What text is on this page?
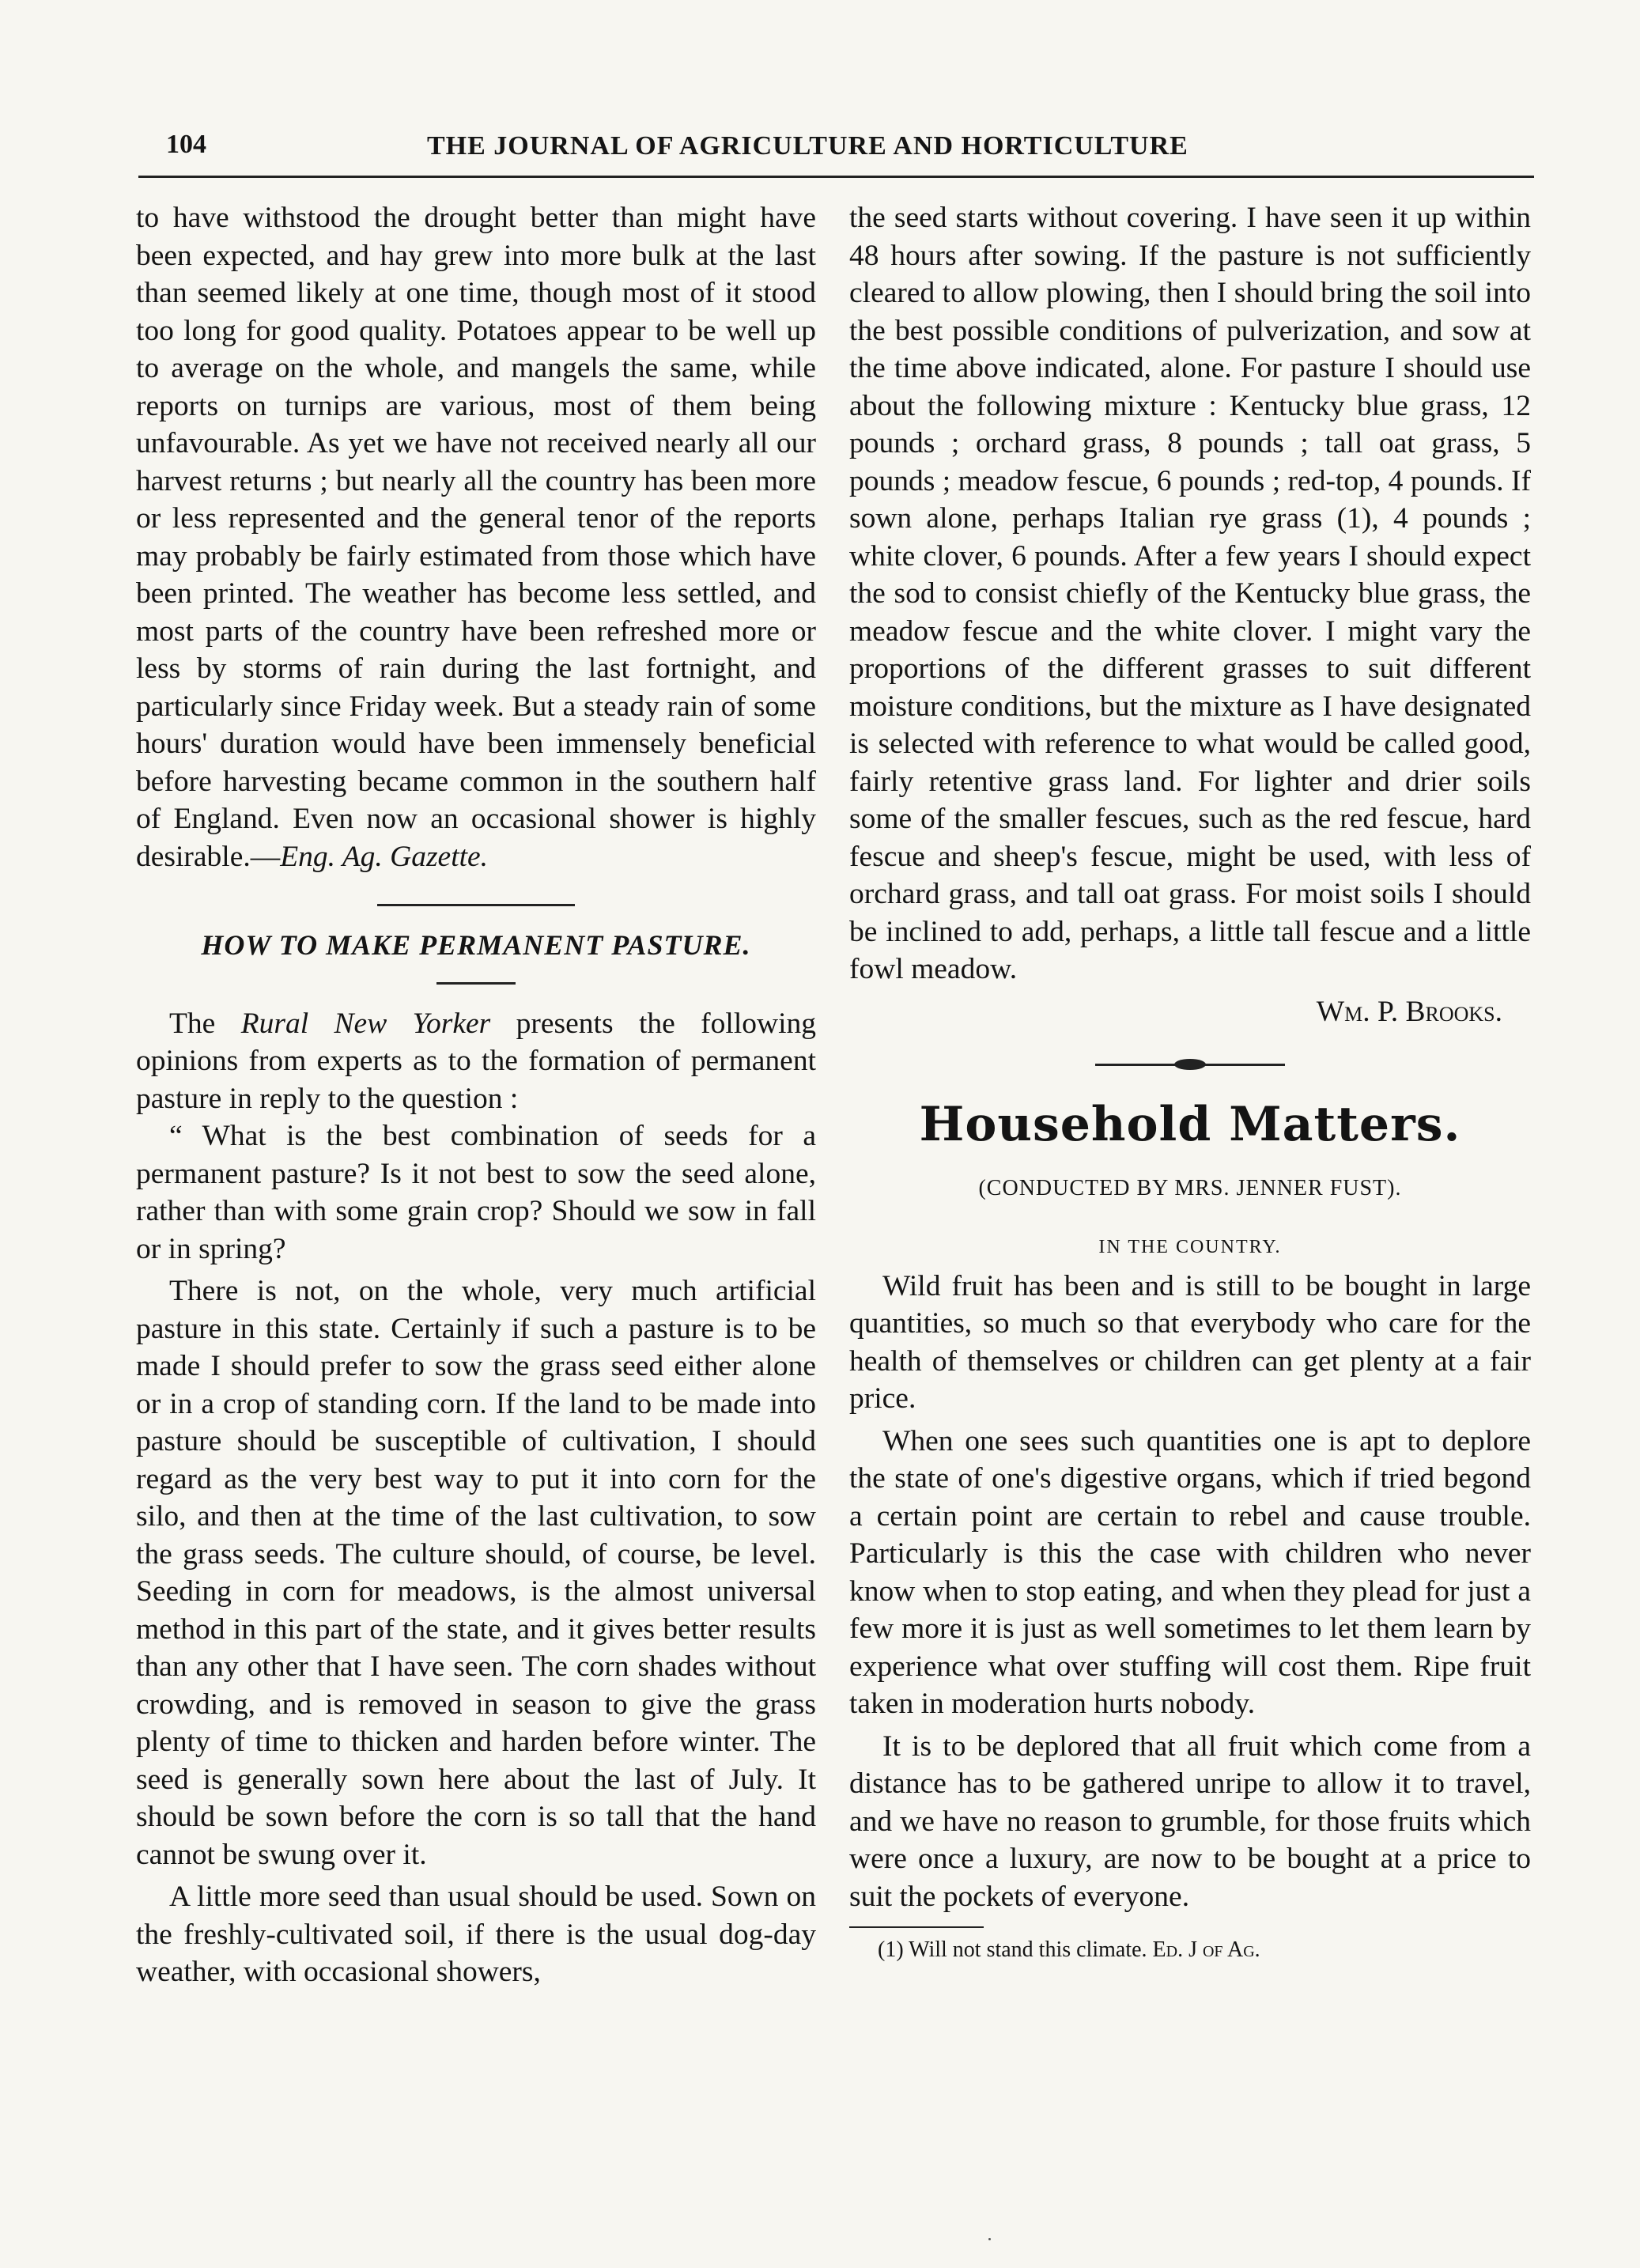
104	THE JOURNAL OF AGRICULTURE AND HORTICULTURE

to have withstood the drought better than might have been expected, and hay grew into more bulk at the last than seemed likely at one time, though most of it stood too long for good quality. Potatoes appear to be well up to average on the whole, and mangels the same, while reports on turnips are various, most of them being unfavourable. As yet we have not received nearly all our harvest returns ; but nearly all the country has been more or less represented and the general tenor of the reports may probably be fairly estimated from those which have been printed. The weather has become less settled, and most parts of the country have been refreshed more or less by storms of rain during the last fortnight, and particularly since Friday week. But a steady rain of some hours' duration would have been immensely beneficial before harvesting became common in the southern half of England. Even now an occasional shower is highly desirable.—Eng. Ag. Gazette.

HOW TO MAKE PERMANENT PASTURE.

The Rural New Yorker presents the following opinions from experts as to the formation of permanent pasture in reply to the question :

“ What is the best combination of seeds for a permanent pasture? Is it not best to sow the seed alone, rather than with some grain crop? Should we sow in fall or in spring?

There is not, on the whole, very much artificial pasture in this state. Certainly if such a pasture is to be made I should prefer to sow the grass seed either alone or in a crop of standing corn. If the land to be made into pasture should be susceptible of cultivation, I should regard as the very best way to put it into corn for the silo, and then at the time of the last cultivation, to sow the grass seeds. The culture should, of course, be level. Seeding in corn for meadows, is the almost universal method in this part of the state, and it gives better results than any other that I have seen. The corn shades without crowding, and is removed in season to give the grass plenty of time to thicken and harden before winter. The seed is generally sown here about the last of July. It should be sown before the corn is so tall that the hand cannot be swung over it.

A little more seed than usual should be used. Sown on the freshly-cultivated soil, if there is the usual dog-day weather, with occasional showers,

the seed starts without covering. I have seen it up within 48 hours after sowing. If the pasture is not sufficiently cleared to allow plowing, then I should bring the soil into the best possible conditions of pulverization, and sow at the time above indicated, alone. For pasture I should use about the following mixture : Kentucky blue grass, 12 pounds ; orchard grass, 8 pounds ; tall oat grass, 5 pounds ; meadow fescue, 6 pounds ; red-top, 4 pounds. If sown alone, perhaps Italian rye grass (1), 4 pounds ; white clover, 6 pounds. After a few years I should expect the sod to consist chiefly of the Kentucky blue grass, the meadow fescue and the white clover. I might vary the proportions of the different grasses to suit different moisture conditions, but the mixture as I have designated is selected with reference to what would be called good, fairly retentive grass land. For lighter and drier soils some of the smaller fescues, such as the red fescue, hard fescue and sheep's fescue, might be used, with less of orchard grass, and tall oat grass. For moist soils I should be inclined to add, perhaps, a little tall fescue and a little fowl meadow.

Wm. P. Brooks.
Household Matters.
(CONDUCTED BY MRS. JENNER FUST).
IN THE COUNTRY.

Wild fruit has been and is still to be bought in large quantities, so much so that everybody who care for the health of themselves or children can get plenty at a fair price.

When one sees such quantities one is apt to deplore the state of one's digestive organs, which if tried begond a certain point are certain to rebel and cause trouble. Particularly is this the case with children who never know when to stop eating, and when they plead for just a few more it is just as well sometimes to let them learn by experience what over stuffing will cost them. Ripe fruit taken in moderation hurts nobody.

It is to be deplored that all fruit which come from a distance has to be gathered unripe to allow it to travel, and we have no reason to grumble, for those fruits which were once a luxury, are now to be bought at a price to suit the pockets of everyone.

(1) Will not stand this climate. Ed. J of Ag.
